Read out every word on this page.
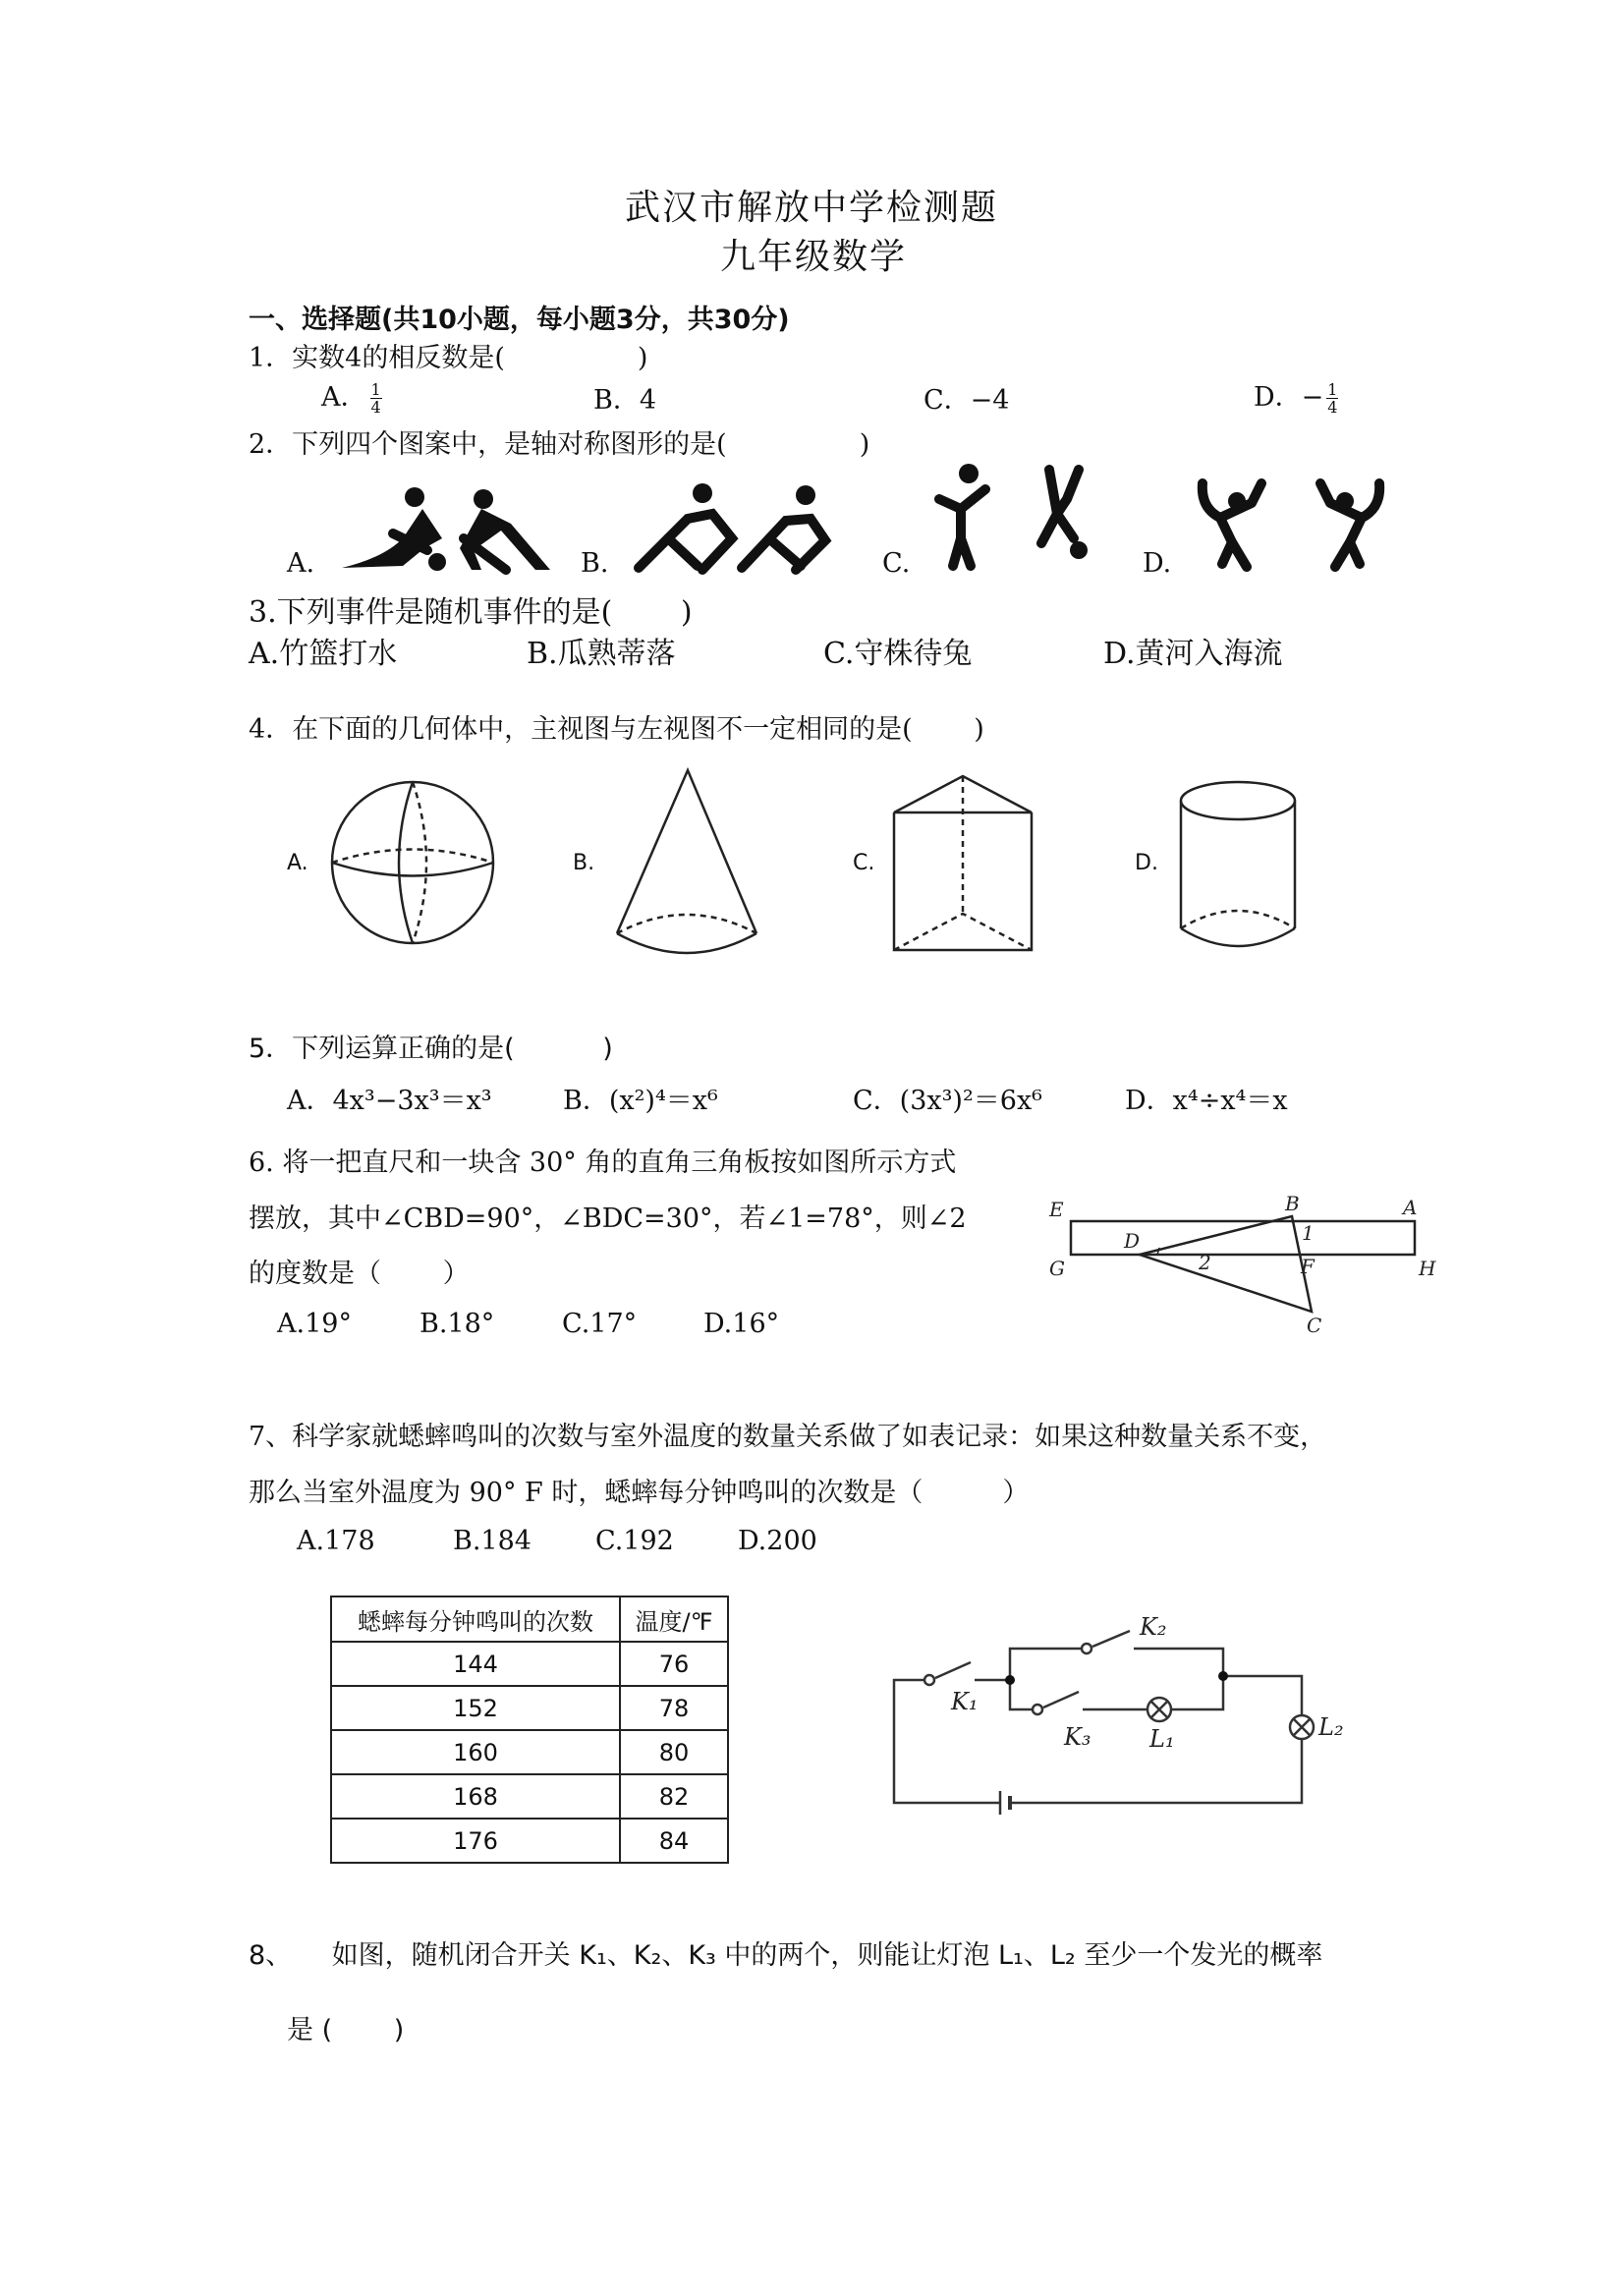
武汉市解放中学检测题
九年级数学
一、选择题(共10小题，每小题3分，共30分)
1．实数4的相反数是(　　　　　)
A． $\frac{1}{4}$	B．4	C．−4	D．− $\frac{1}{4}$
2．下列四个图案中，是轴对称图形的是(　　　　　)
A.	B.	C.	D.
3.下列事件是随机事件的是(　　 )
A.竹篮打水	B.瓜熟蒂落	C.守株待兔	D.黄河入海流
4．在下面的几何体中，主视图与左视图不一定相同的是(　　 )
A.	B.	C.	D.
5．下列运算正确的是(　　　 )
A．4x³−3x³＝x³	B．(x²)⁴＝x⁶	C．(3x³)²＝6x⁶	D．x⁴÷x⁴＝x
6. 将一把直尺和一块含 30° 角的直角三角板按如图所示方式
摆放，其中∠CBD=90°，∠BDC=30°，若∠1=78°，则∠2
的度数是（　　 ）
A.19°	B.18°	C.17°	D.16°
E	B	A
D
G	F	H
C
1
2
7、科学家就蟋蟀鸣叫的次数与室外温度的数量关系做了如表记录：如果这种数量关系不变，
那么当室外温度为 90° F 时，蟋蟀每分钟鸣叫的次数是（　　　）
A.178	B.184 C.192 D.200
蟋蟀每分钟鸣叫的次数	温度/℉
144	76
152	78
160	80
168	82
176	84
K₁
K₂
K₃ L₁	L₂
8、　　如图，随机闭合开关 K₁、K₂、K₃ 中的两个，则能让灯泡 L₁、L₂ 至少一个发光的概率
是 (　　 )
